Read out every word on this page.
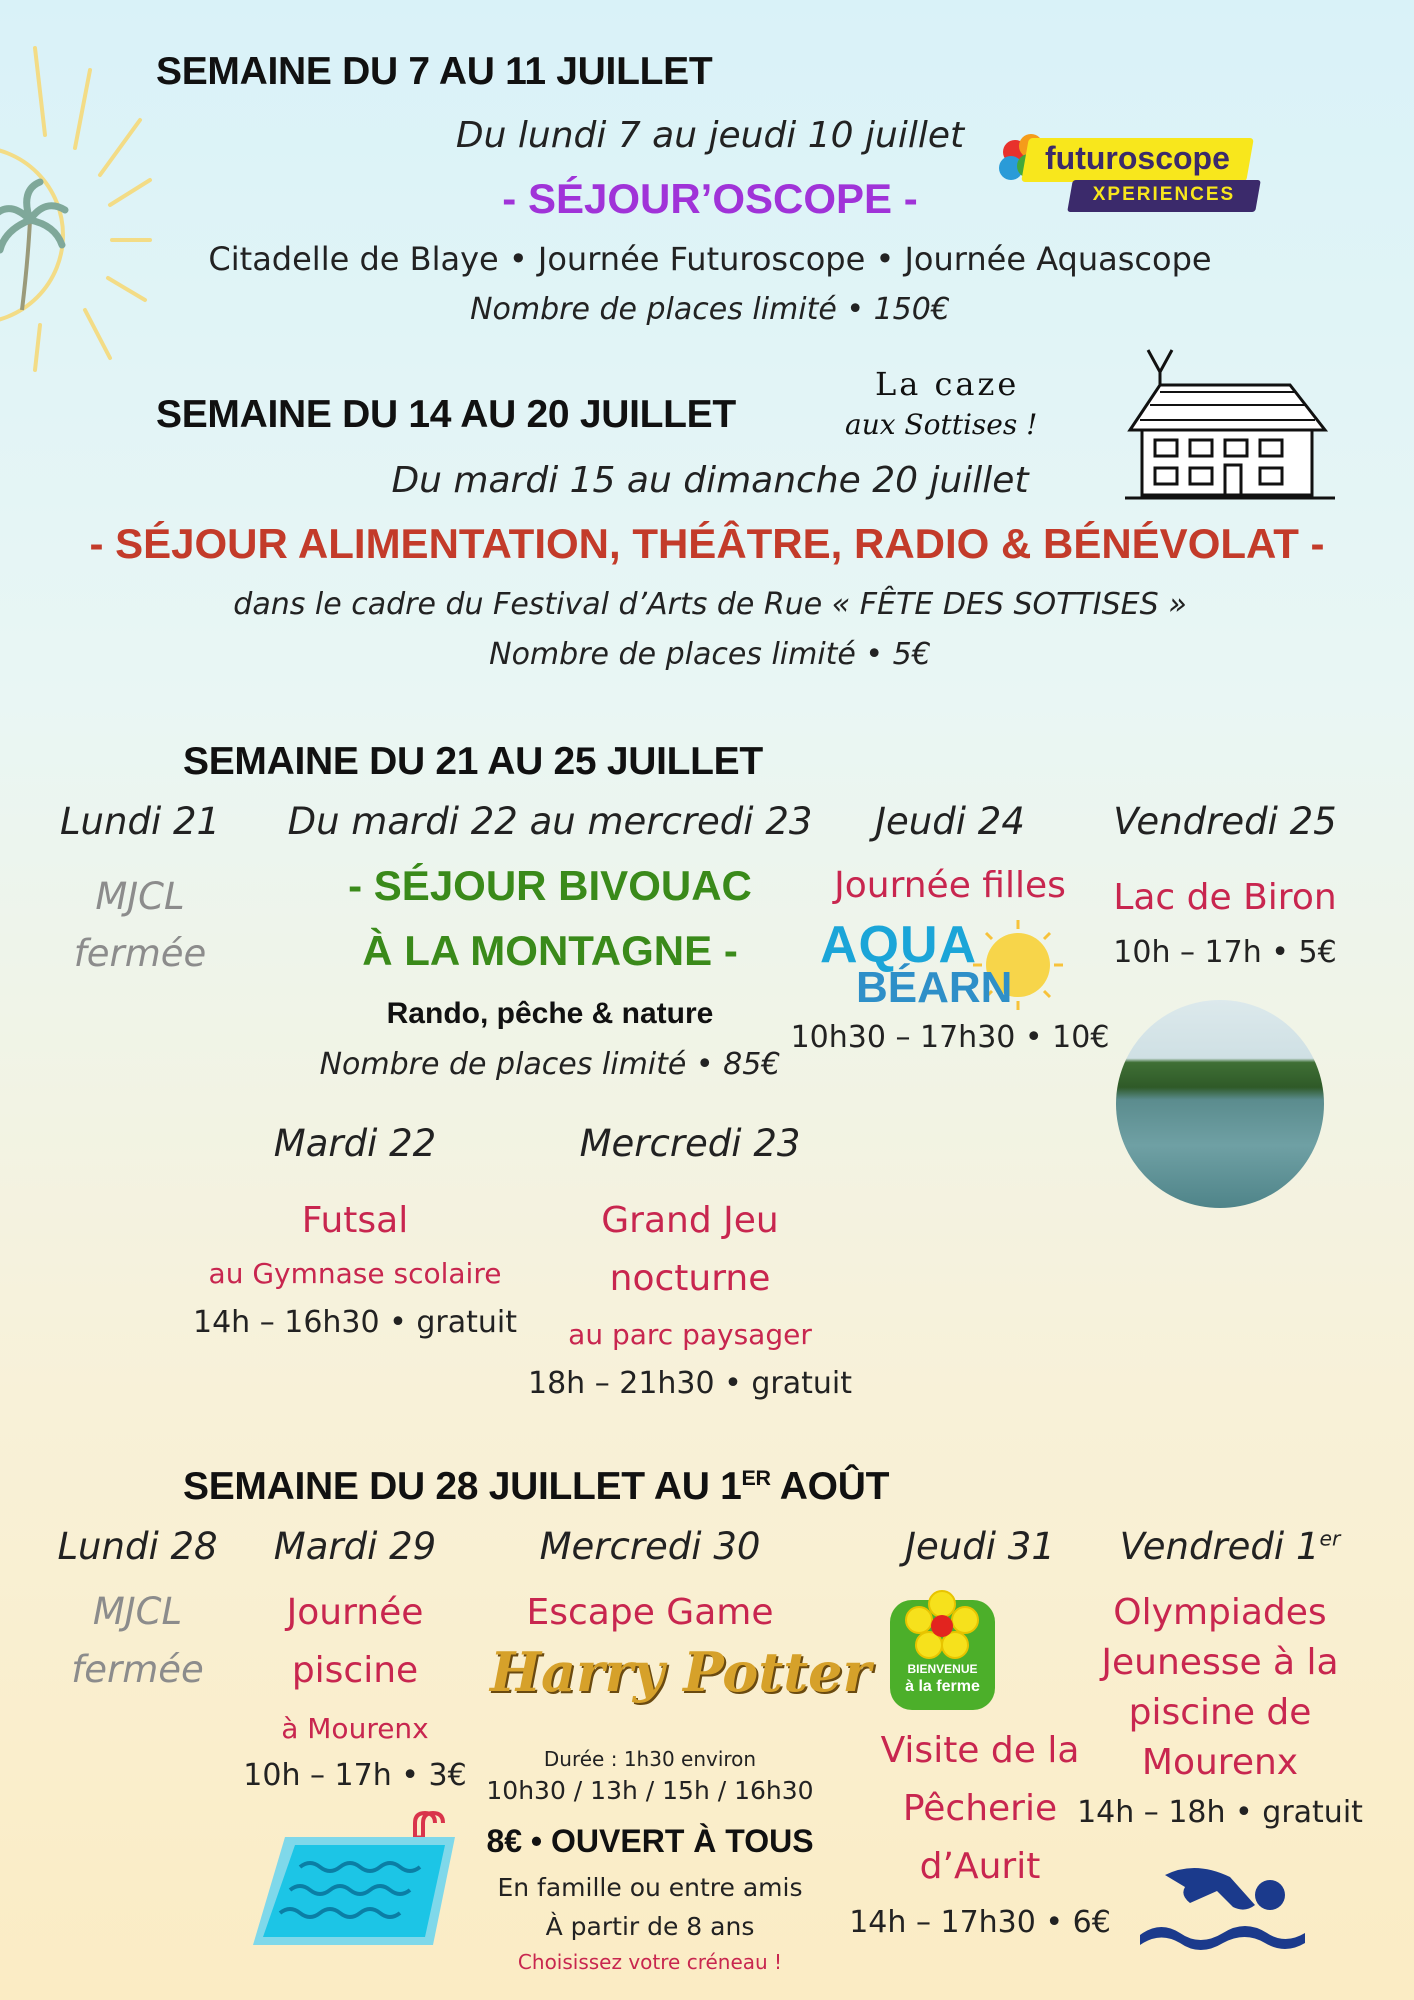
SEMAINE DU 7 AU 11 JUILLET
Du lundi 7 au jeudi 10 juillet
- SÉJOUR’OSCOPE -
Citadelle de Blaye • Journée Futuroscope • Journée Aquascope
Nombre de places limité • 150€
futuroscope
XPERIENCES
SEMAINE DU 14 AU 20 JUILLET
La caze
aux Sottises !
Du mardi 15 au dimanche 20 juillet
- SÉJOUR ALIMENTATION, THÉÂTRE, RADIO & BÉNÉVOLAT -
dans le cadre du Festival d’Arts de Rue « FÊTE DES SOTTISES »
Nombre de places limité • 5€
SEMAINE DU 21 AU 25 JUILLET
Lundi 21
MJCL
fermée
Du mardi 22 au mercredi 23
- SÉJOUR BIVOUAC
À LA MONTAGNE -
Rando, pêche & nature
Nombre de places limité • 85€
Jeudi 24
Journée filles
AQUA
BÉARN
10h30 – 17h30 • 10€
Vendredi 25
Lac de Biron
10h – 17h • 5€
Mardi 22
Futsal
au Gymnase scolaire
14h – 16h30 • gratuit
Mercredi 23
Grand Jeu
nocturne
au parc paysager
18h – 21h30 • gratuit
SEMAINE DU 28 JUILLET AU 1ER AOÛT
Lundi 28
MJCL
fermée
Mardi 29
Journée
piscine
à Mourenx
10h – 17h • 3€
Mercredi 30
Escape Game
Harry Potter
Durée : 1h30 environ
10h30 / 13h / 15h / 16h30
8€ • OUVERT À TOUS
En famille ou entre amis
À partir de 8 ans
Choisissez votre créneau !
Jeudi 31
BIENVENUE
à la ferme
Visite de la
Pêcherie
d’Aurit
14h – 17h30 • 6€
Vendredi 1er
Olympiades
Jeunesse à la
piscine de
Mourenx
14h – 18h • gratuit
